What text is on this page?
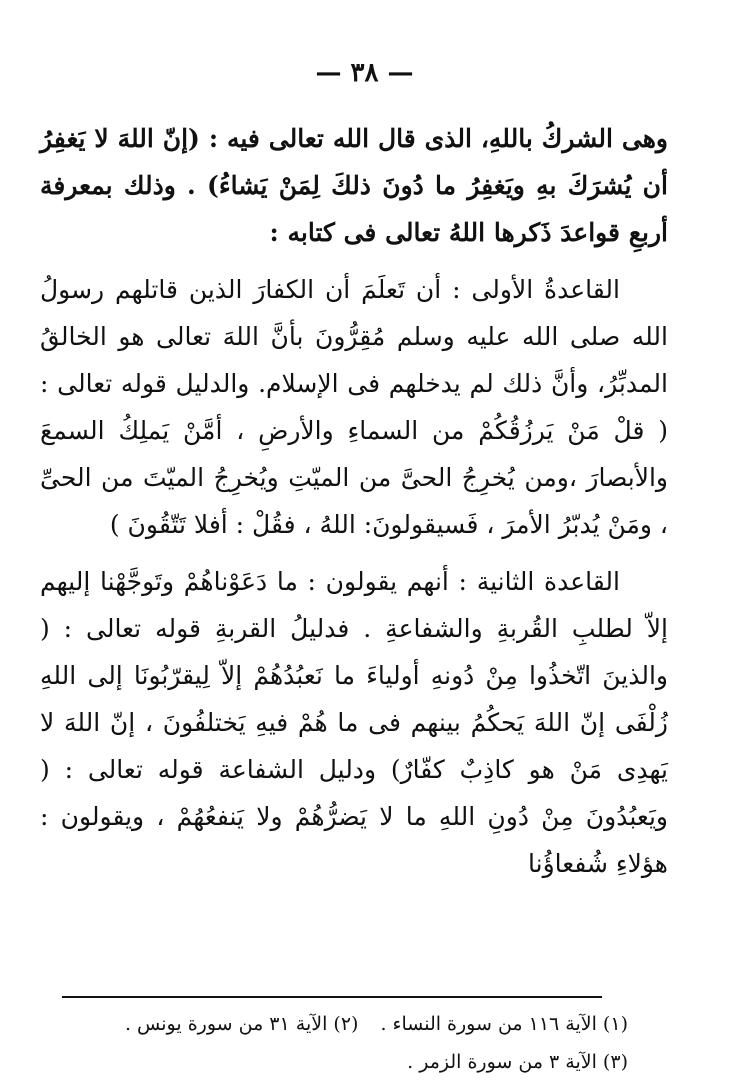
— ٣٨ —

وهى الشركُ باللهِ، الذى قال الله تعالى فيه : (إنّ اللهَ لا يَغفِرُ أن يُشرَكَ بهِ ويَغفِرُ ما دُونَ ذلكَ لِمَنْ يَشاءُ) . وذلك بمعرفة أربعِ قواعدَ ذَكرها اللهُ تعالى فى كتابه :

القاعدةُ الأولى : أن تَعلَمَ أن الكفارَ الذين قاتلهم رسولُ الله صلى الله عليه وسلم مُقِرُّونَ بأنَّ اللهَ تعالى هو الخالقُ المدبِّرُ، وأنَّ ذلك لم يدخلهم فى الإسلام. والدليل قوله تعالى : ( قلْ مَنْ يَرزُقُكُمْ من السماءِ والأرضِ ، أمَّنْ يَملِكُ السمعَ والأبصارَ ،ومن يُخرِجُ الحىَّ من الميّتِ ويُخرِجُ الميّتَ من الحىِّ ، ومَنْ يُدبّرُ الأمرَ ، فَسيقولونَ: اللهُ ، فقُلْ : أفلا تَتّقُونَ )

القاعدة الثانية : أنهم يقولون : ما دَعَوْناهُمْ وتَوجَّهْنا إليهم إلاّ لطلبِ القُربةِ والشفاعةِ . فدليلُ القربةِ قوله تعالى : ( والذينَ اتّخذُوا مِنْ دُونهِ أولياءَ ما نَعبُدُهُمْ إلاّ لِيقرّبُونَا إلى اللهِ زُلْفَى إنّ اللهَ يَحكُمُ بينهم فى ما هُمْ فيهِ يَختلفُونَ ، إنّ اللهَ لا يَهدِى مَنْ هو كاذِبٌ كفّارٌ) ودليل الشفاعة قوله تعالى : ( ويَعبُدُونَ مِنْ دُونِ اللهِ ما لا يَضرُّهُمْ ولا يَنفعُهُمْ ، ويقولون : هؤلاءِ شُفعاؤُنا

(١) الآية ١١٦ من سورة النساء .(٢) الآية ٣١ من سورة يونس .

(٣) الآية ٣ من سورة الزمر .
